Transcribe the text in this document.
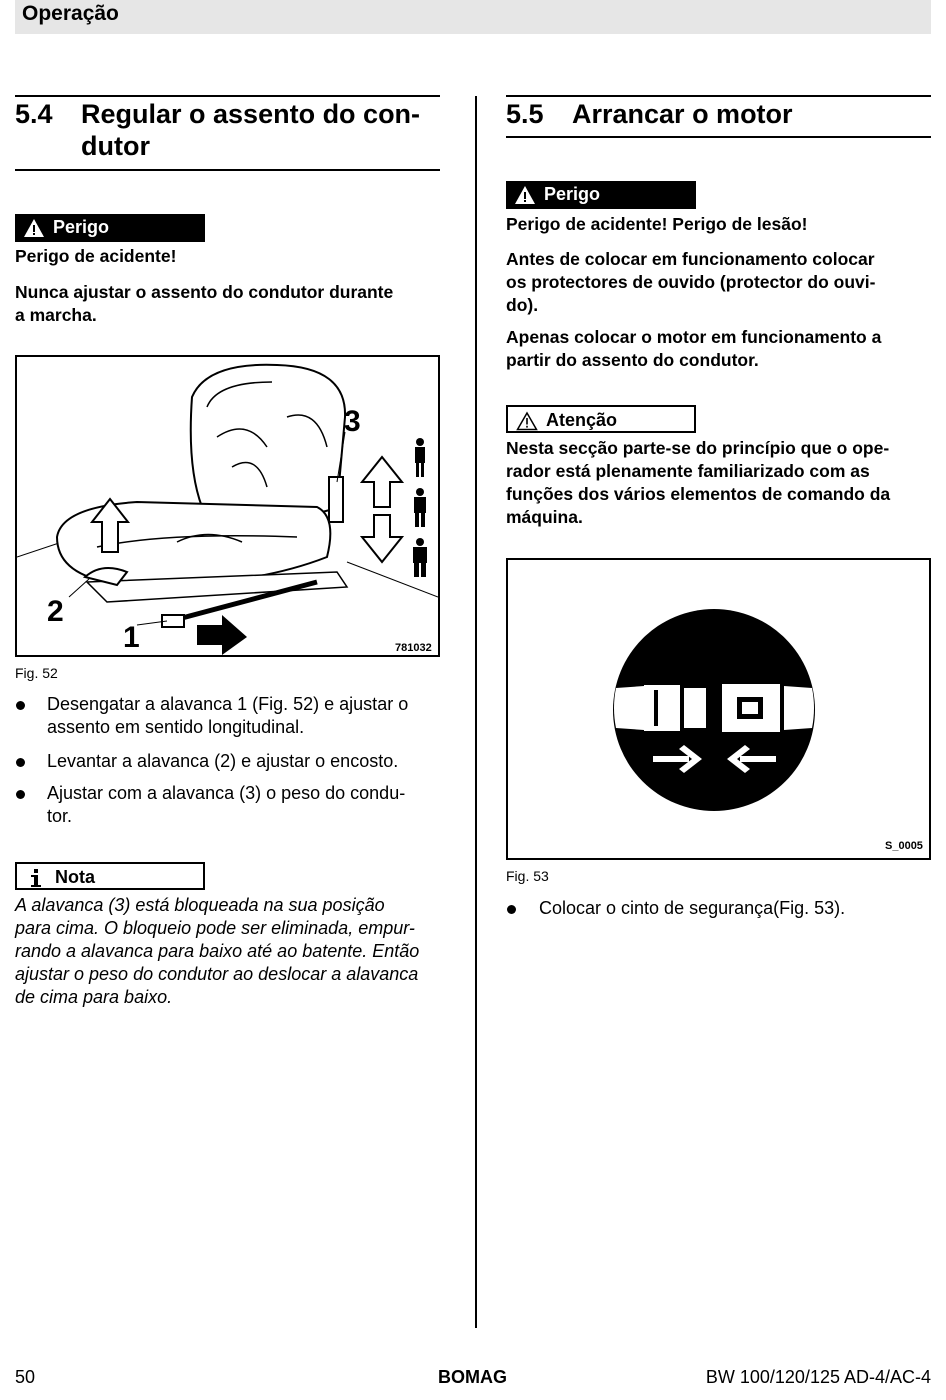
Operação
5.4 Regular o assento do con-
dutor
Perigo
Perigo de acidente!
Nunca ajustar o assento do condutor durante
a marcha.
3
2
1	781032
Fig. 52
Desengatar a alavanca 1 (Fig. 52) e ajustar o
assento em sentido longitudinal.
Levantar a alavanca (2) e ajustar o encosto.
Ajustar com a alavanca (3) o peso do condu-
tor.
Nota
A alavanca (3) está bloqueada na sua posição
para cima. O bloqueio pode ser eliminada, empur-
rando a alavanca para baixo até ao batente. Então
ajustar o peso do condutor ao deslocar a alavanca
de cima para baixo.
5.5 Arrancar o motor
Perigo
Perigo de acidente! Perigo de lesão!
Antes de colocar em funcionamento colocar
os protectores de ouvido (protector do ouvi-
do).
Apenas colocar o motor em funcionamento a
partir do assento do condutor.
Atenção
Nesta secção parte-se do princípio que o ope-
rador está plenamente familiarizado com as
funções dos vários elementos de comando da
máquina.
S_0005
Fig. 53
Colocar o cinto de segurança(Fig. 53).
50	BOMAG	BW 100/120/125 AD-4/AC-4
